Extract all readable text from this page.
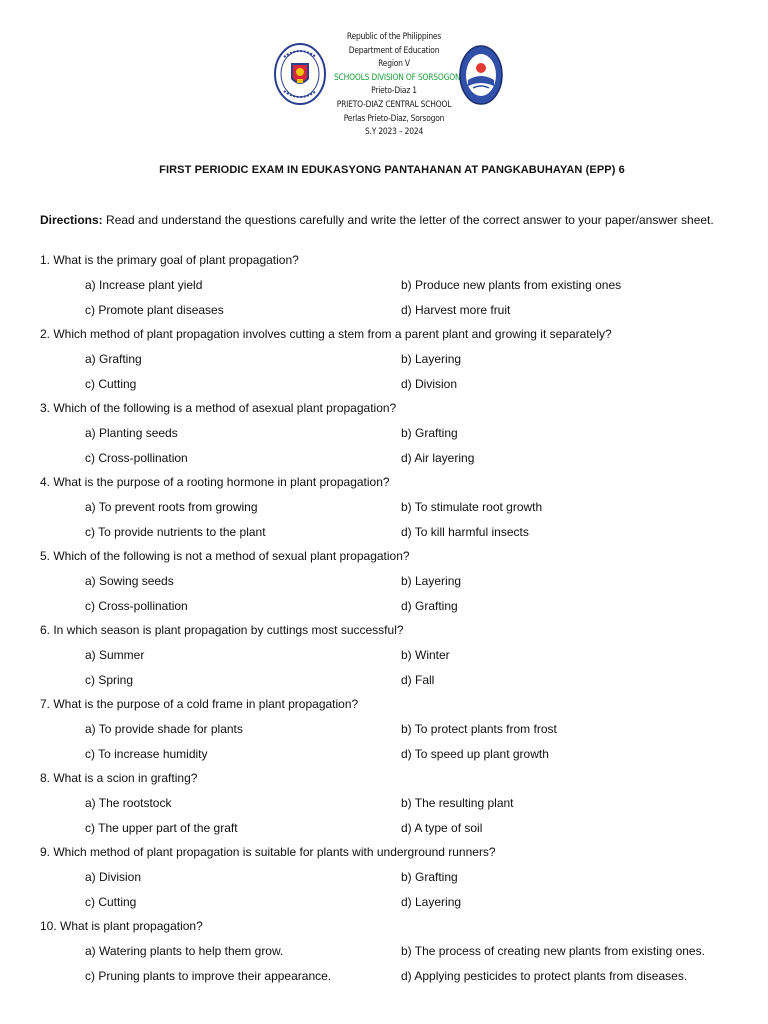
Republic of the Philippines
Department of Education
Region V
SCHOOLS DIVISION OF SORSOGON
Prieto-Diaz 1
PRIETO-DIAZ CENTRAL SCHOOL
Perlas Prieto-Diaz, Sorsogon
S.Y 2023 – 2024
FIRST PERIODIC EXAM IN EDUKASYONG PANTAHANAN AT PANGKABUHAYAN (EPP) 6
Directions: Read and understand the questions carefully and write the letter of the correct answer to your paper/answer sheet.
1. What is the primary goal of plant propagation?
a) Increase plant yield	b) Produce new plants from existing ones
c) Promote plant diseases	d) Harvest more fruit
2. Which method of plant propagation involves cutting a stem from a parent plant and growing it separately?
a) Grafting	b) Layering
c) Cutting	d) Division
3. Which of the following is a method of asexual plant propagation?
a) Planting seeds	b) Grafting
c) Cross-pollination	d) Air layering
4. What is the purpose of a rooting hormone in plant propagation?
a) To prevent roots from growing	b) To stimulate root growth
c) To provide nutrients to the plant	d) To kill harmful insects
5. Which of the following is not a method of sexual plant propagation?
a) Sowing seeds	b) Layering
c) Cross-pollination	d) Grafting
6. In which season is plant propagation by cuttings most successful?
a) Summer	b) Winter
c) Spring	d) Fall
7. What is the purpose of a cold frame in plant propagation?
a) To provide shade for plants	b) To protect plants from frost
c) To increase humidity	d) To speed up plant growth
8. What is a scion in grafting?
a) The rootstock	b) The resulting plant
c) The upper part of the graft	d) A type of soil
9. Which method of plant propagation is suitable for plants with underground runners?
a) Division	b) Grafting
c) Cutting	d) Layering
10. What is plant propagation?
a) Watering plants to help them grow.	b) The process of creating new plants from existing ones.
c) Pruning plants to improve their appearance.	d) Applying pesticides to protect plants from diseases.
